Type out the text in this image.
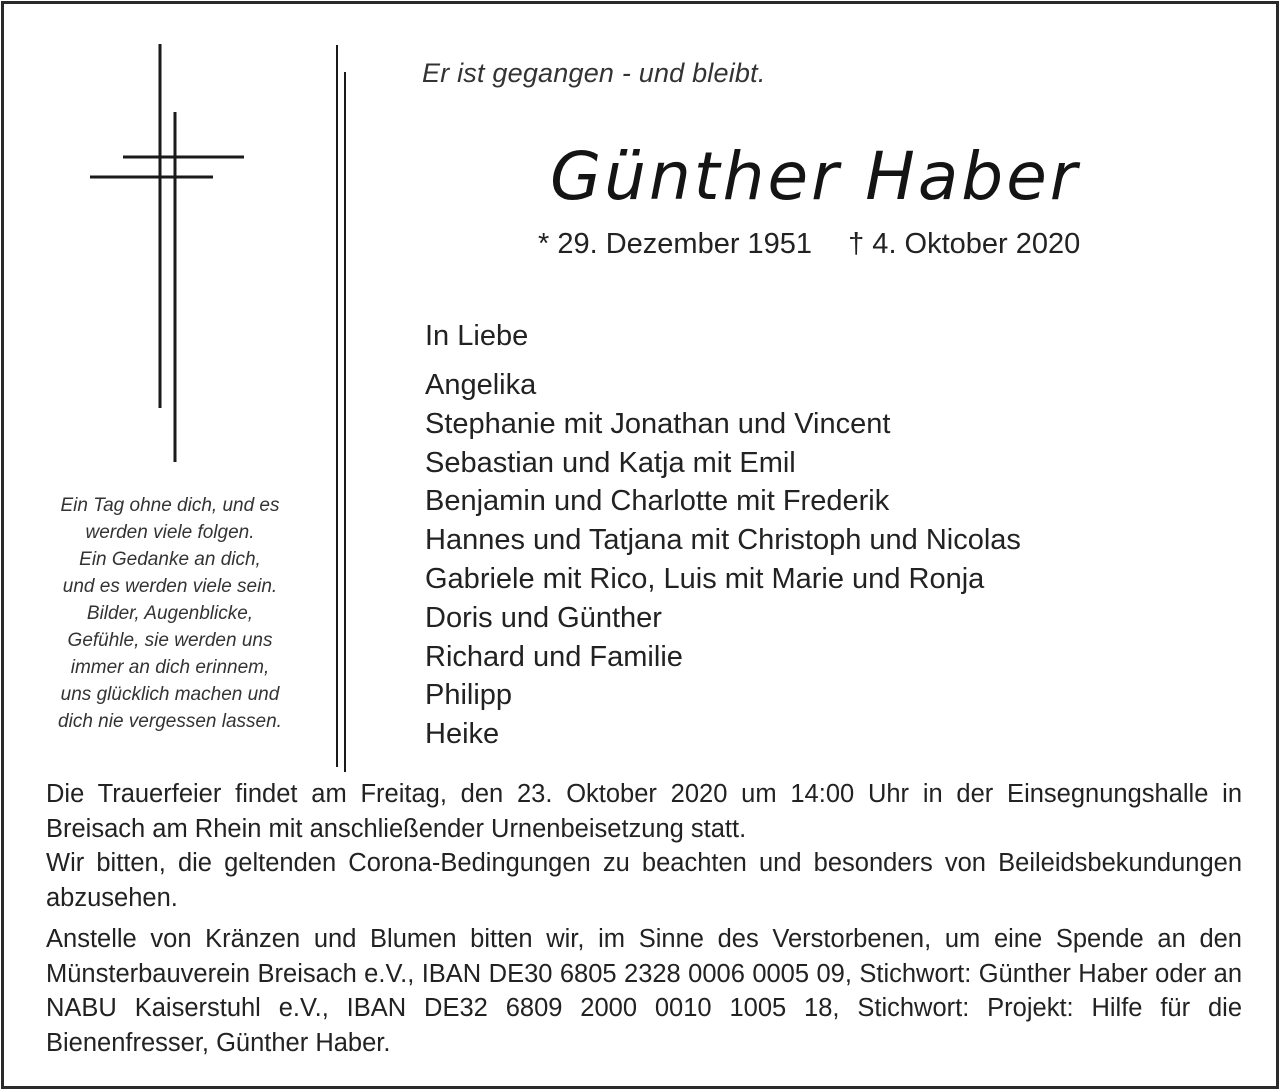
Er ist gegangen - und bleibt.
Günther Haber
* 29. Dezember 1951 † 4. Oktober 2020
In Liebe
Angelika
Stephanie mit Jonathan und Vincent
Sebastian und Katja mit Emil
Benjamin und Charlotte mit Frederik
Hannes und Tatjana mit Christoph und Nicolas
Gabriele mit Rico, Luis mit Marie und Ronja
Doris und Günther
Richard und Familie
Philipp
Heike
Ein Tag ohne dich, und es
werden viele folgen.
Ein Gedanke an dich,
und es werden viele sein.
Bilder, Augenblicke,
Gefühle, sie werden uns
immer an dich erinnem,
uns glücklich machen und
dich nie vergessen lassen.

Die Trauerfeier findet am Freitag, den 23. Oktober 2020 um 14:00 Uhr in der Einsegnungshalle in Breisach am Rhein mit anschließender Urnenbeisetzung statt.

Wir bitten, die geltenden Corona-Bedingungen zu beachten und besonders von Beileidsbekundungen abzusehen.

Anstelle von Kränzen und Blumen bitten wir, im Sinne des Verstorbenen, um eine Spende an den Münsterbauverein Breisach e.V., IBAN DE30 6805 2328 0006 0005 09, Stichwort: Günther Haber oder an NABU Kaiserstuhl e.V., IBAN DE32 6809 2000 0010 1005 18, Stichwort: Projekt: Hilfe für die Bienenfresser, Günther Haber.
